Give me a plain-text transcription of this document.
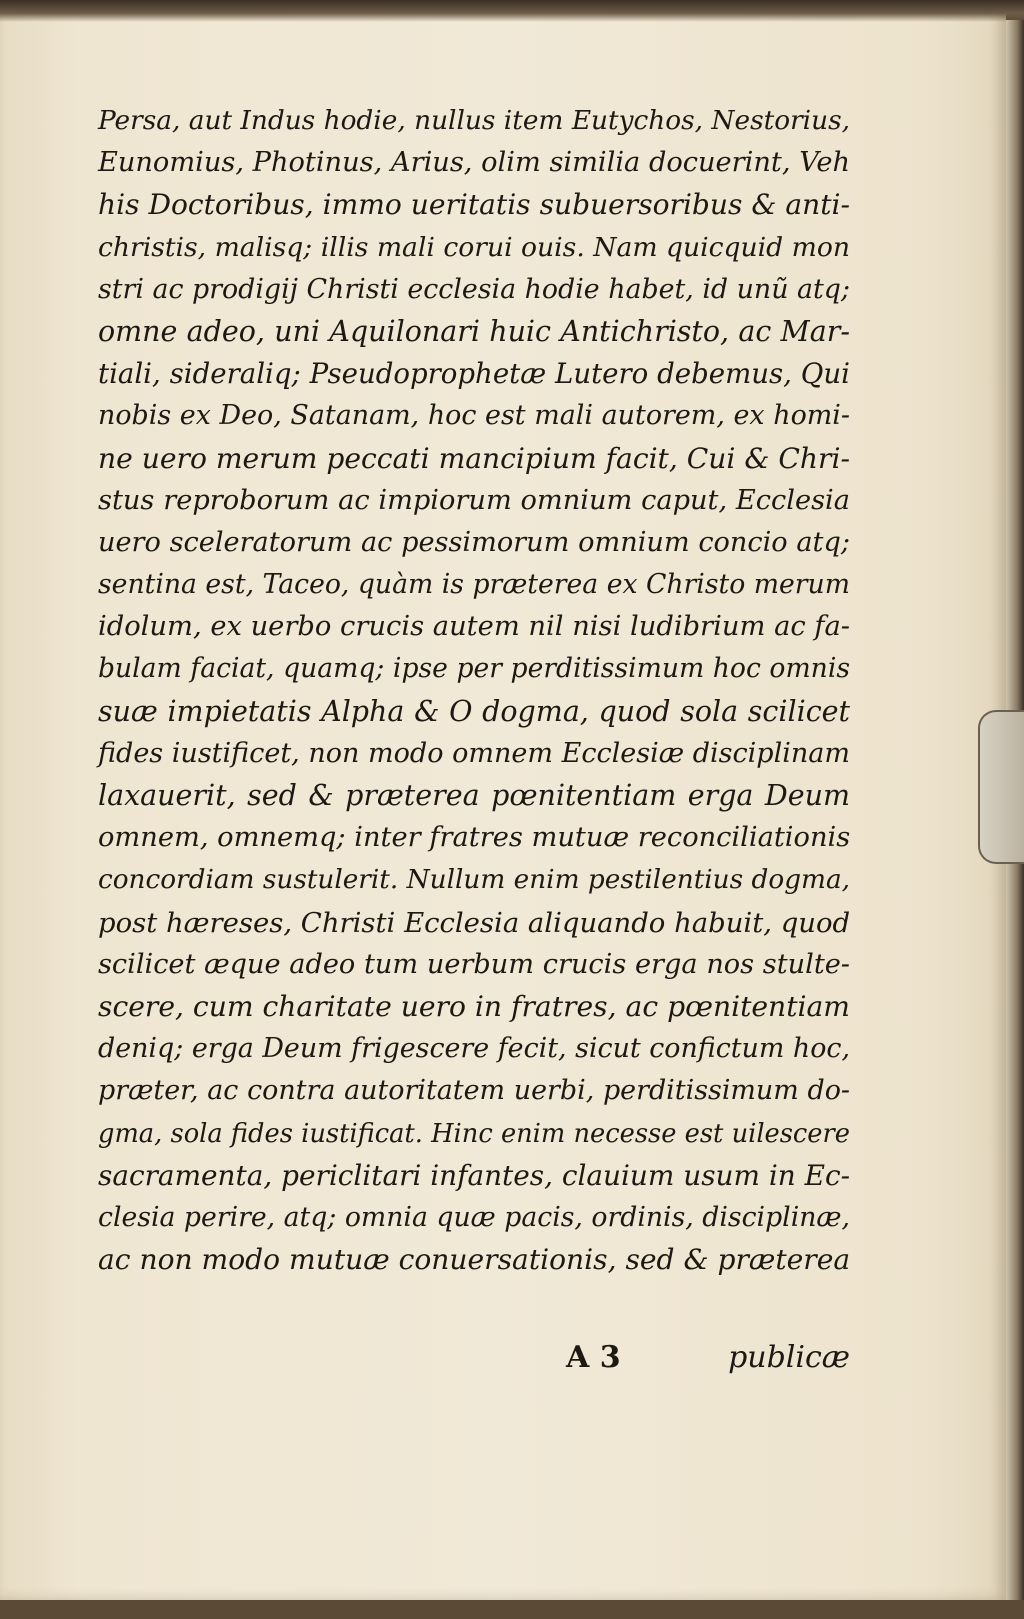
Persa, aut Indus hodie, nullus item Eutychos, Nestorius,
Eunomius, Photinus, Arius, olim similia docuerint, Veh
his Doctoribus, immo ueritatis subuersoribus & anti-
christis, malisq; illis mali corui ouis. Nam quicquid mon
stri ac prodigij Christi ecclesia hodie habet, id unũ atq;
omne adeo, uni Aquilonari huic Antichristo, ac Mar-
tiali, sideraliq; Pseudoprophetæ Lutero debemus, Qui
nobis ex Deo, Satanam, hoc est mali autorem, ex homi-
ne uero merum peccati mancipium facit, Cui & Chri-
stus reproborum ac impiorum omnium caput, Ecclesia
uero sceleratorum ac pessimorum omnium concio atq;
sentina est, Taceo, quàm is præterea ex Christo merum
idolum, ex uerbo crucis autem nil nisi ludibrium ac fa-
bulam faciat, quamq; ipse per perditissimum hoc omnis
suæ impietatis Alpha & O dogma, quod sola scilicet
fides iustificet, non modo omnem Ecclesiæ disciplinam
laxauerit, sed & præterea pœnitentiam erga Deum
omnem, omnemq; inter fratres mutuæ reconciliationis
concordiam sustulerit. Nullum enim pestilentius dogma,
post hæreses, Christi Ecclesia aliquando habuit, quod
scilicet æque adeo tum uerbum crucis erga nos stulte-
scere, cum charitate uero in fratres, ac pœnitentiam
deniq; erga Deum frigescere fecit, sicut confictum hoc,
præter, ac contra autoritatem uerbi, perditissimum do-
gma, sola fides iustificat. Hinc enim necesse est uilescere
sacramenta, periclitari infantes, clauium usum in Ec-
clesia perire, atq; omnia quæ pacis, ordinis, disciplinæ,
ac non modo mutuæ conuersationis, sed & præterea
A 3	publicæ
